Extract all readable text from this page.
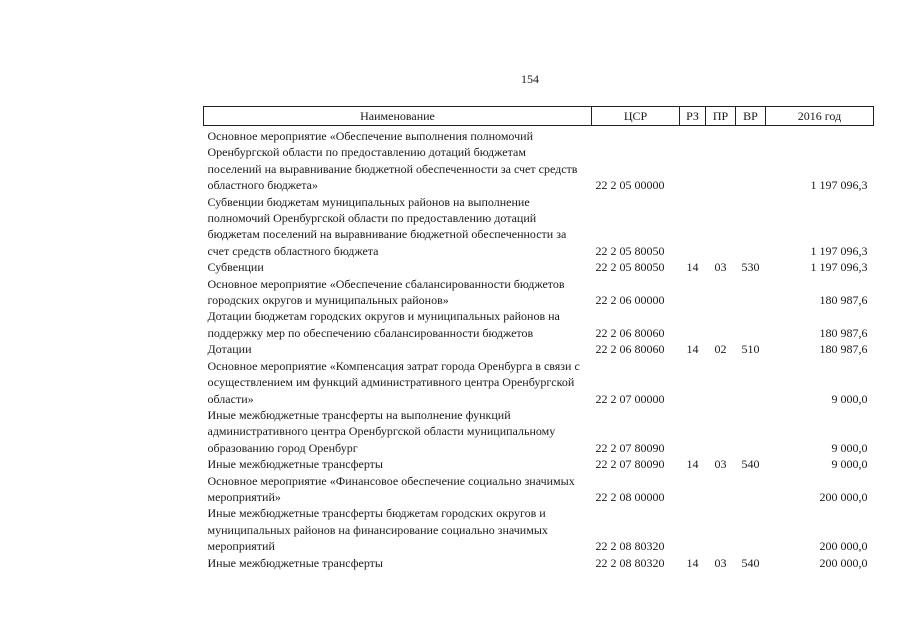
154
Наименование	ЦСР	РЗ	ПР	ВР	2016 год
Основное мероприятие «Обеспечение выполнения полномочий Оренбургской области по предоставлению дотаций бюджетам поселений на выравнивание бюджетной обеспеченности за счет средств областного бюджета»	22 2 05 00000				1 197 096,3
Субвенции бюджетам муниципальных районов на выполнение полномочий Оренбургской области по предоставлению дотаций бюджетам поселений на выравнивание бюджетной обеспеченности за счет средств областного бюджета	22 2 05 80050				1 197 096,3
Субвенции	22 2 05 80050	14	03	530	1 197 096,3
Основное мероприятие «Обеспечение сбалансированности бюджетов городских округов и муниципальных районов»	22 2 06 00000				180 987,6
Дотации бюджетам городских округов и муниципальных районов на поддержку мер по обеспечению сбалансированности бюджетов	22 2 06 80060				180 987,6
Дотации	22 2 06 80060	14	02	510	180 987,6
Основное мероприятие «Компенсация затрат города Оренбурга в связи с осуществлением им функций административного центра Оренбургской области»	22 2 07 00000				9 000,0
Иные межбюджетные трансферты на выполнение функций административного центра Оренбургской области муниципальному образованию город Оренбург	22 2 07 80090				9 000,0
Иные межбюджетные трансферты	22 2 07 80090	14	03	540	9 000,0
Основное мероприятие «Финансовое обеспечение социально значимых мероприятий»	22 2 08 00000				200 000,0
Иные межбюджетные трансферты бюджетам городских округов и муниципальных районов на финансирование социально значимых мероприятий	22 2 08 80320				200 000,0
Иные межбюджетные трансферты	22 2 08 80320	14	03	540	200 000,0
